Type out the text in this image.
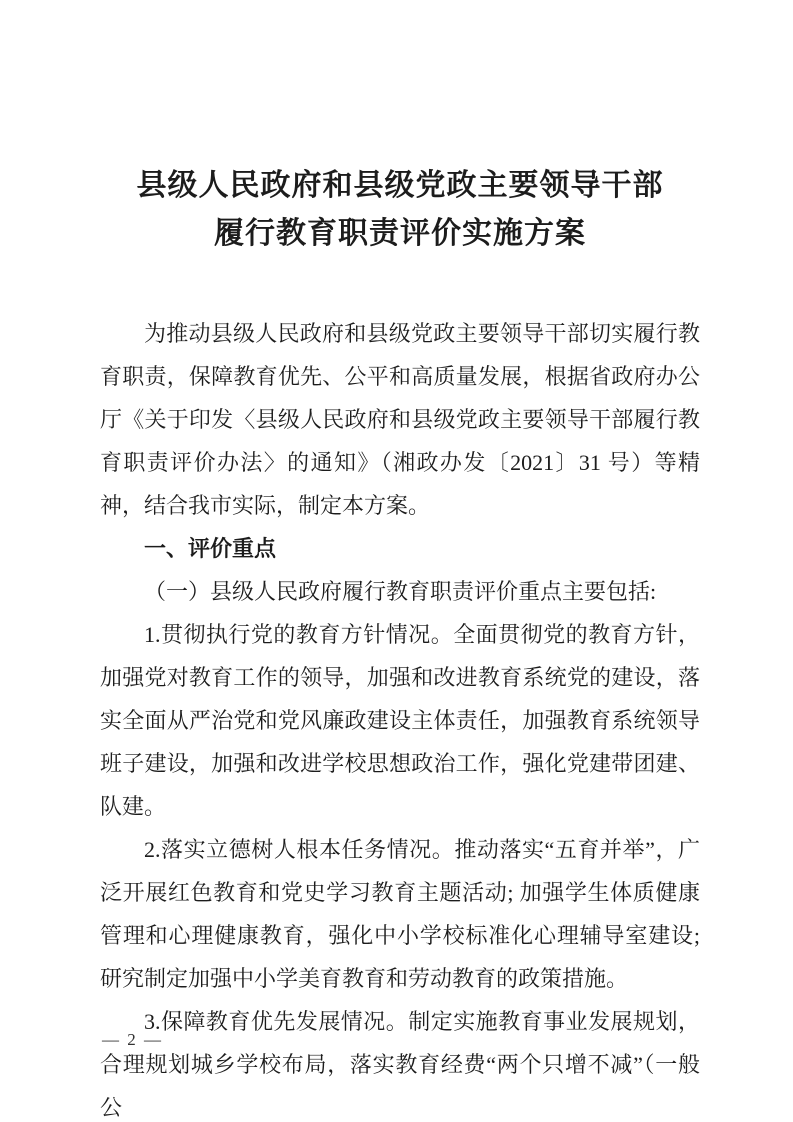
县级人民政府和县级党政主要领导干部
履行教育职责评价实施方案

为推动县级人民政府和县级党政主要领导干部切实履行教育职责，保障教育优先、公平和高质量发展，根据省政府办公厅《关于印发〈县级人民政府和县级党政主要领导干部履行教育职责评价办法〉的通知》（湘政办发〔2021〕31 号）等精神，结合我市实际，制定本方案。

一、评价重点

（一）县级人民政府履行教育职责评价重点主要包括:

1.贯彻执行党的教育方针情况。全面贯彻党的教育方针，加强党对教育工作的领导，加强和改进教育系统党的建设，落实全面从严治党和党风廉政建设主体责任，加强教育系统领导班子建设，加强和改进学校思想政治工作，强化党建带团建、队建。

2.落实立德树人根本任务情况。推动落实“五育并举”，广泛开展红色教育和党史学习教育主题活动; 加强学生体质健康管理和心理健康教育，强化中小学校标准化心理辅导室建设; 研究制定加强中小学美育教育和劳动教育的政策措施。

3.保障教育优先发展情况。制定实施教育事业发展规划，合理规划城乡学校布局，落实教育经费“两个只增不减”（一般公

— 2 —
